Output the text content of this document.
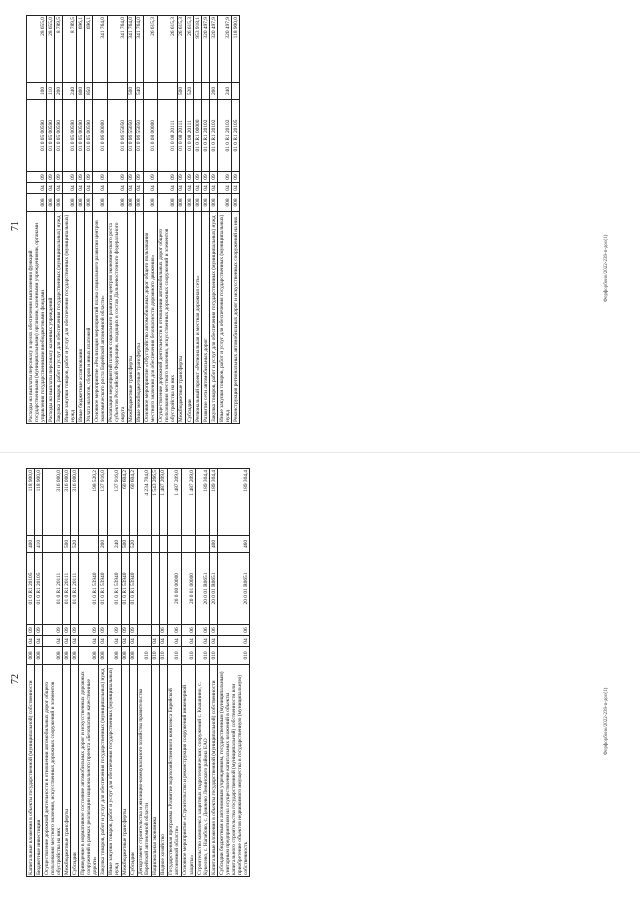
71
Расходы на выплаты персоналу в целях обеспечения выполнения функций государственными (муниципальными) органами, казенными учреждениями, органами управления государственными внебюджетными фондами	008	04	09	01 0 05 00590	100	28 655,0
Расходы на выплаты персоналу казенных учреждений	008	04	09	01 0 05 00590	110	28 655,0
Закупка товаров, работ и услуг для обеспечения государственных (муниципальных) нужд	008	04	09	01 0 05 00590	200	8 789,5
Иные закупки товаров, работ и услуг для обеспечения государственных (муниципальных) нужд	008	04	09	01 0 05 00590	240	8 789,5
Иные бюджетные ассигнования	008	04	09	01 0 05 00590	800	696,1
Уплата налогов, сборов и иных платежей	008	04	09	01 0 05 00590	850	696,1
Основное мероприятие «Реализация мероприятий плана социального развития центров экономического роста Еврейской автономной области»	008	04	09	01 0 06 00000		341 764,0
Реализация мероприятий планов социального развития центров экономического роста субъектов Российской Федерации, входящих в состав Дальневосточного федерального округа	008	04	09	01 0 06 55050		341 764,0
Межбюджетные трансферты	008	04	09	01 0 06 55050	500	341 764,0
Иные межбюджетные трансферты	008	04	09	01 0 06 55050	540	341 764,0
Основное мероприятие «Обустройство автомобильных дорог общего пользования местного значения для обеспечения безопасности дорожного движения»	008	04	09	01 0 08 00000		26 615,3
Осуществление дорожной деятельности в отношении автомобильных дорог общего пользования местного значения, искусственных дорожных сооружений и элементов обустройства на них	008	04	09	01 0 08 20111		26 615,3
Межбюджетные трансферты	008	04	09	01 0 08 20111	500	26 615,3
Субсидии	008	04	09	01 0 08 20111	520	26 615,3
Региональный проект «Региональная и местная дорожная сеть»	008	04	09	01 0 R1 00000		953 918,1
Развитие сети автомобильных дорог	008	04	09	01 0 R1 20102		320 497,9
Закупка товаров, работ и услуг для обеспечения государственных (муниципальных) нужд	008	04	09	01 0 R1 20102	200	320 497,9
Иные закупки товаров, работ и услуг для обеспечения государственных (муниципальных) нужд	008	04	09	01 0 R1 20102	240	320 497,9
Реконструкция региональных автомобильных дорог и искусственных сооружений на них	008	04	09	01 0 R1 20105		118 900,0
Форфорбоно/2022-239-п-доо(1)
72
Капитальные вложения в объекты государственной (муниципальной) собственности	008	04	09	01 0 R1 20105	400	118 900,0
Бюджетные инвестиции	008	04	09	01 0 R1 20105	410	118 900,0
Осуществление дорожной деятельности в отношении автомобильных дорог общего пользования местного значения, искусственных дорожных сооружений и элементов обустройства на них	008	04	09	01 0 R1 20111		316 000,0
Межбюджетные трансферты	008	04	09	01 0 R1 20111	500	316 000,0
Субсидии	008	04	09	01 0 R1 20111	520	316 000,0
Приведение в нормативное состояние автомобильных дорог и искусственных дорожных сооружений в рамках реализации национального проекта «Безопасные качественные дороги»	008	04	09	01 0 R1 53940		198 520,2
Закупка товаров, работ и услуг для обеспечения государственных (муниципальных) нужд	008	04	09	01 0 R1 53940	200	137 916,0
Иные закупки товаров, работ и услуг для обеспечения государственных (муниципальных) нужд	008	04	09	01 0 R1 53940	240	137 916,0
Межбюджетные трансферты	008	04	09	01 0 R1 53940	500	60 604,2
Субсидии	008	04	09	01 0 R1 53940	520	60 604,2
Департамент строительства и жилищно-коммунального хозяйства правительства Еврейской автономной области	010					4 234 704,0
Национальная экономика	010	04				1 543 266,5
Водное хозяйство	010	04	06			1 487 209,0
Государственная программа «Развитие водохозяйственного комплекса Еврейской автономной области»	010	04	06	20 0 00 00000		1 487 209,0
Основное мероприятие «Строительство и реконструкция сооружений инженерной защиты»	010	04	06	20 0 01 00000		1 487 209,0
Строительство комплекса защитных гидротехнических сооружений с. Квашнино, с. Кукелево, с. Нагибово, с. Дежнево Ленинского района ЕАО	010	04	06	20 0 01 R0651		189 304,4
Капитальные вложения в объекты государственной (муниципальной) собственности	010	04	06	20 0 01 R0651	400	189 304,4
Субсидии бюджетным и автономным учреждениям, государственным (муниципальным) унитарным предприятиям на осуществление капитальных вложений в объекты капитального строительства государственной (муниципальной) собственности или приобретение объектов недвижимого имущества в государственную (муниципальную) собственность	010	04	06	20 0 01 R0651	460	189 304,4
Форфорбоно/2022-239-п-доо(1)
